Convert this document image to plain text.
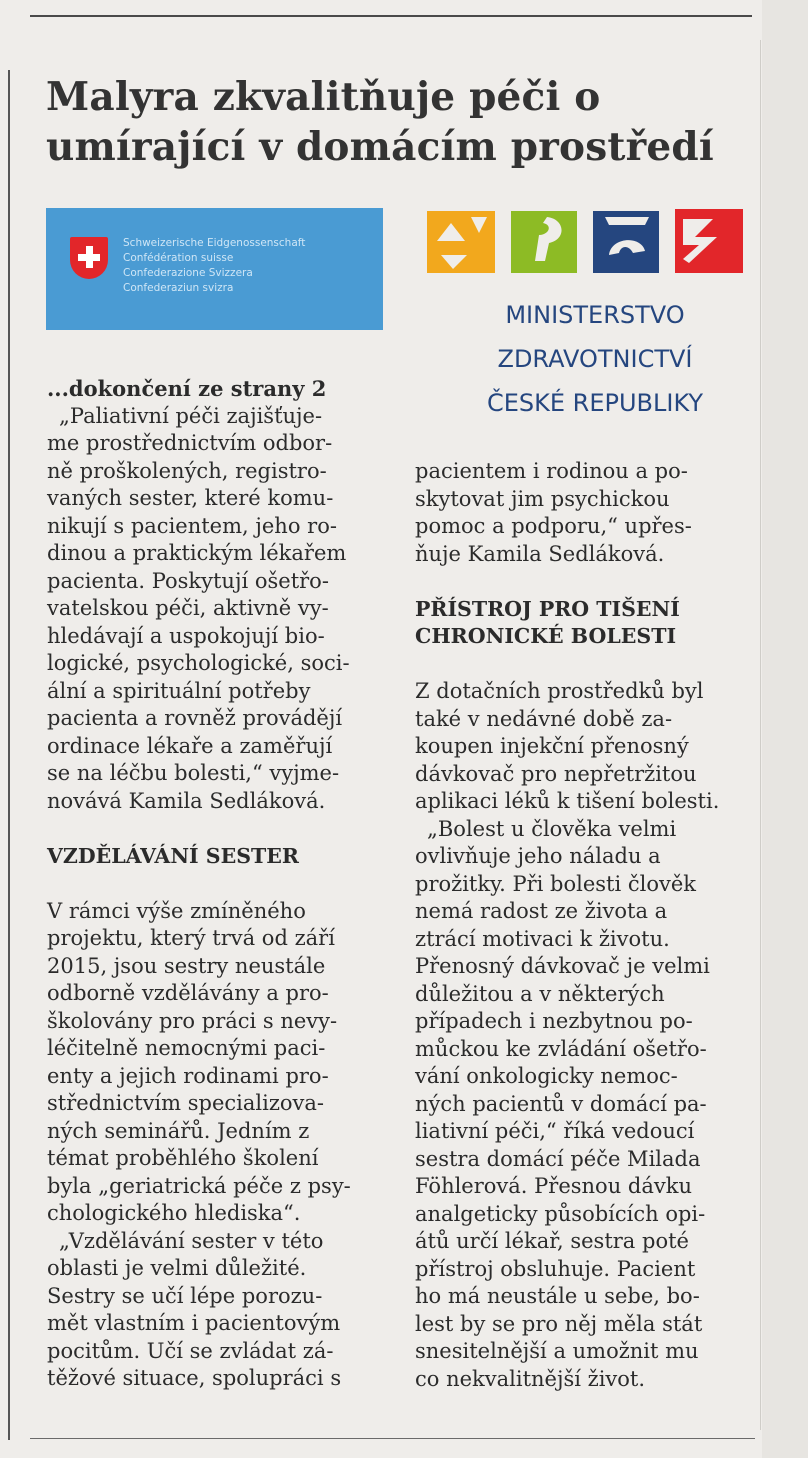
Malyra zkvalitňuje péči o
umírající v domácím prostředí
Schweizerische Eidgenossenschaft
Confédération suisse
Confederazione Svizzera
Confederaziun svizra
MINISTERSTVO
ZDRAVOTNICTVÍ
ČESKÉ REPUBLIKY
...dokončení ze strany 2
„Paliativní péči zajišťuje-
me prostřednictvím odbor-
ně proškolených, registro-
vaných sester, které komu-
nikují s pacientem, jeho ro-
dinou a praktickým lékařem
pacienta. Poskytují ošetřo-
vatelskou péči, aktivně vy-
hledávají a uspokojují bio-
logické, psychologické, soci-
ální a spirituální potřeby
pacienta a rovněž provádějí
ordinace lékaře a zaměřují
se na léčbu bolesti,“ vyjme-
novává Kamila Sedláková.
VZDĚLÁVÁNÍ SESTER
V rámci výše zmíněného
projektu, který trvá od září
2015, jsou sestry neustále
odborně vzdělávány a pro-
školovány pro práci s nevy-
léčitelně nemocnými paci-
enty a jejich rodinami pro-
střednictvím specializova-
ných seminářů. Jedním z
témat proběhlého školení
byla „geriatrická péče z psy-
chologického hlediska“.
„Vzdělávání sester v této
oblasti je velmi důležité.
Sestry se učí lépe porozu-
mět vlastním i pacientovým
pocitům. Učí se zvládat zá-
těžové situace, spolupráci s
pacientem i rodinou a po-
skytovat jim psychickou
pomoc a podporu,“ upřes-
ňuje Kamila Sedláková.
PŘÍSTROJ PRO TIŠENÍ
CHRONICKÉ BOLESTI
Z dotačních prostředků byl
také v nedávné době za-
koupen injekční přenosný
dávkovač pro nepřetržitou
aplikaci léků k tišení bolesti.
„Bolest u člověka velmi
ovlivňuje jeho náladu a
prožitky. Při bolesti člověk
nemá radost ze života a
ztrácí motivaci k životu.
Přenosný dávkovač je velmi
důležitou a v některých
případech i nezbytnou po-
můckou ke zvládání ošetřo-
vání onkologicky nemoc-
ných pacientů v domácí pa-
liativní péči,“ říká vedoucí
sestra domácí péče Milada
Föhlerová. Přesnou dávku
analgeticky působících opi-
átů určí lékař, sestra poté
přístroj obsluhuje. Pacient
ho má neustále u sebe, bo-
lest by se pro něj měla stát
snesitelnější a umožnit mu
co nekvalitnější život.
